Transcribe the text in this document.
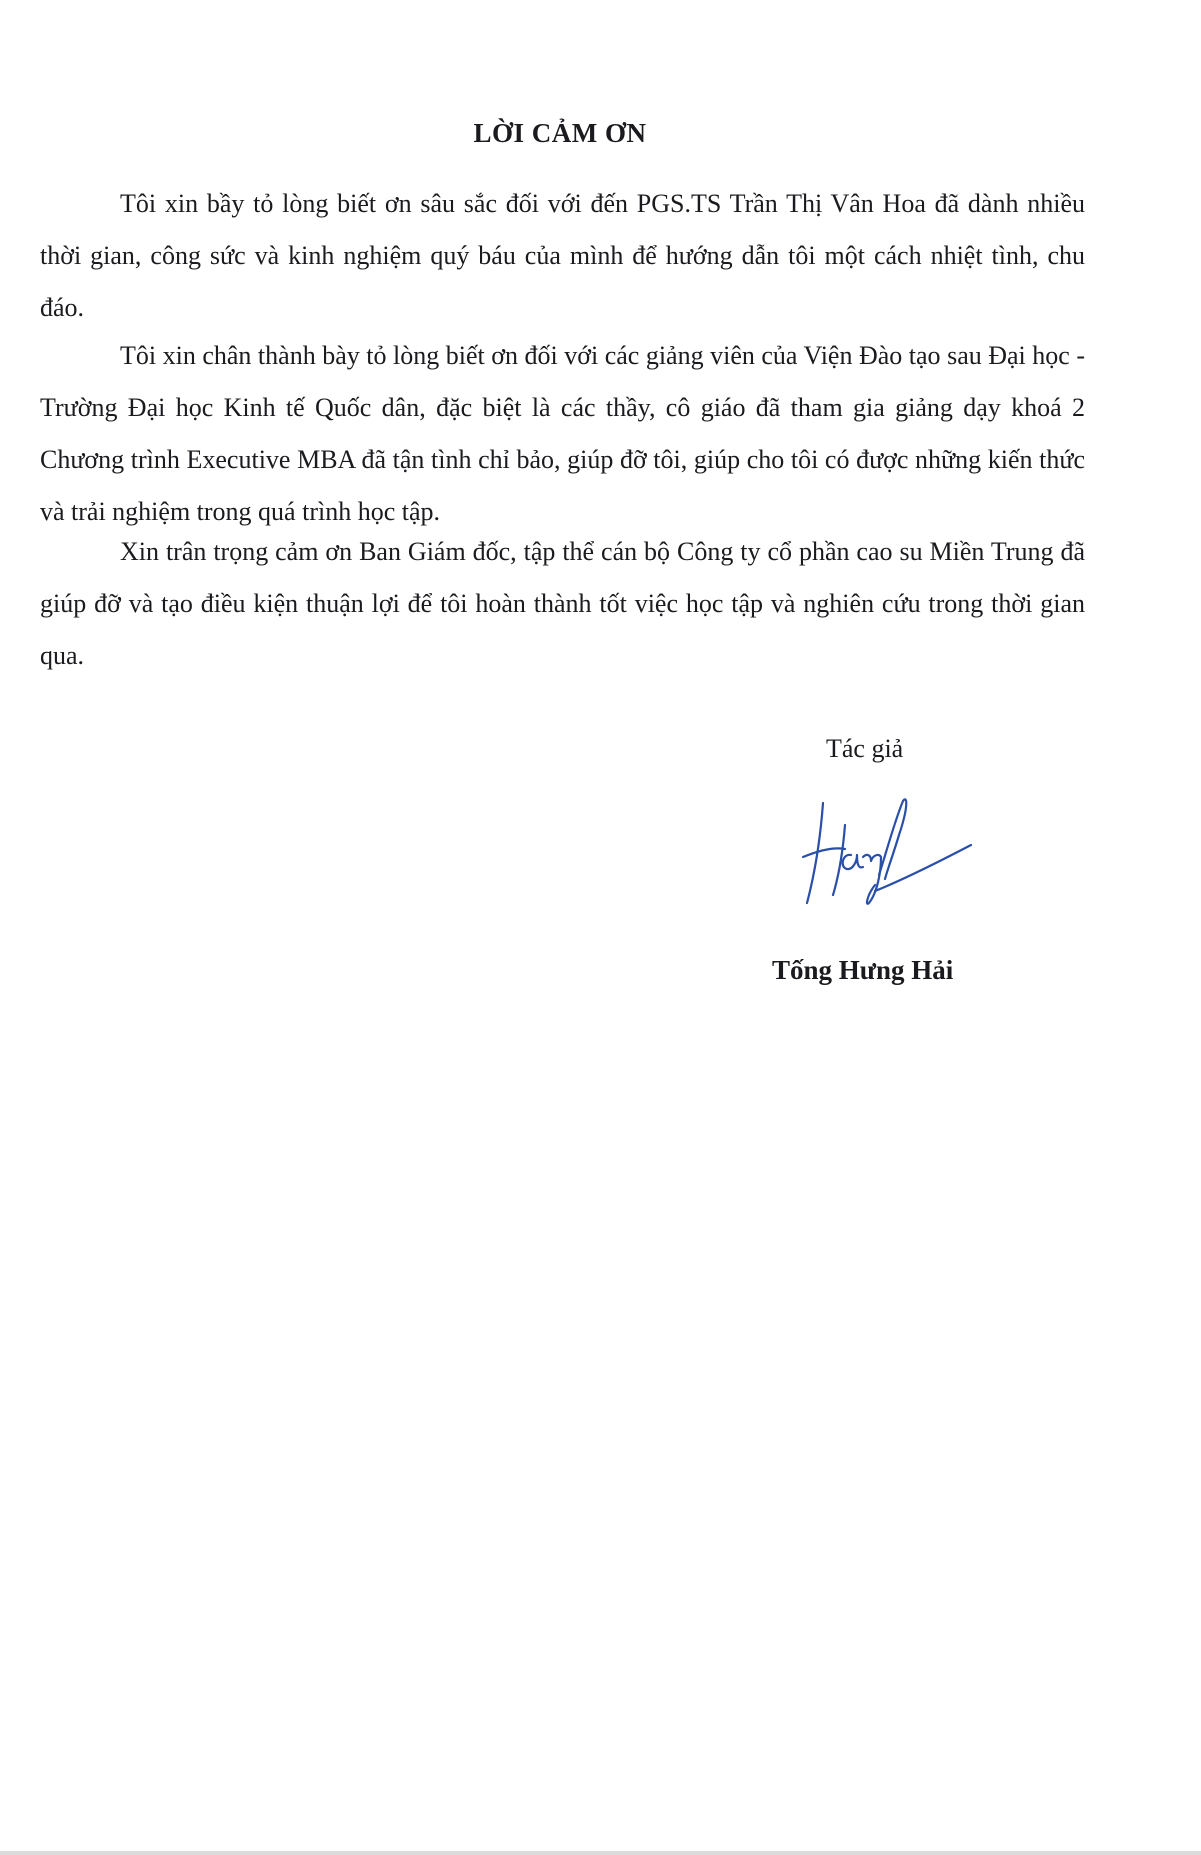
LỜI CẢM ƠN

Tôi xin bầy tỏ lòng biết ơn sâu sắc đối với đến PGS.TS Trần Thị Vân Hoa đã dành nhiều thời gian, công sức và kinh nghiệm quý báu của mình để hướng dẫn tôi một cách nhiệt tình, chu đáo.

Tôi xin chân thành bày tỏ lòng biết ơn đối với các giảng viên của Viện Đào tạo sau Đại học - Trường Đại học Kinh tế Quốc dân, đặc biệt là các thầy, cô giáo đã tham gia giảng dạy khoá 2 Chương trình Executive MBA đã tận tình chỉ bảo, giúp đỡ tôi, giúp cho tôi có được những kiến thức và trải nghiệm trong quá trình học tập.

Xin trân trọng cảm ơn Ban Giám đốc, tập thể cán bộ Công ty cổ phần cao su Miền Trung đã giúp đỡ và tạo điều kiện thuận lợi để tôi hoàn thành tốt việc học tập và nghiên cứu trong thời gian qua.

Tác giả

Tống Hưng Hải
